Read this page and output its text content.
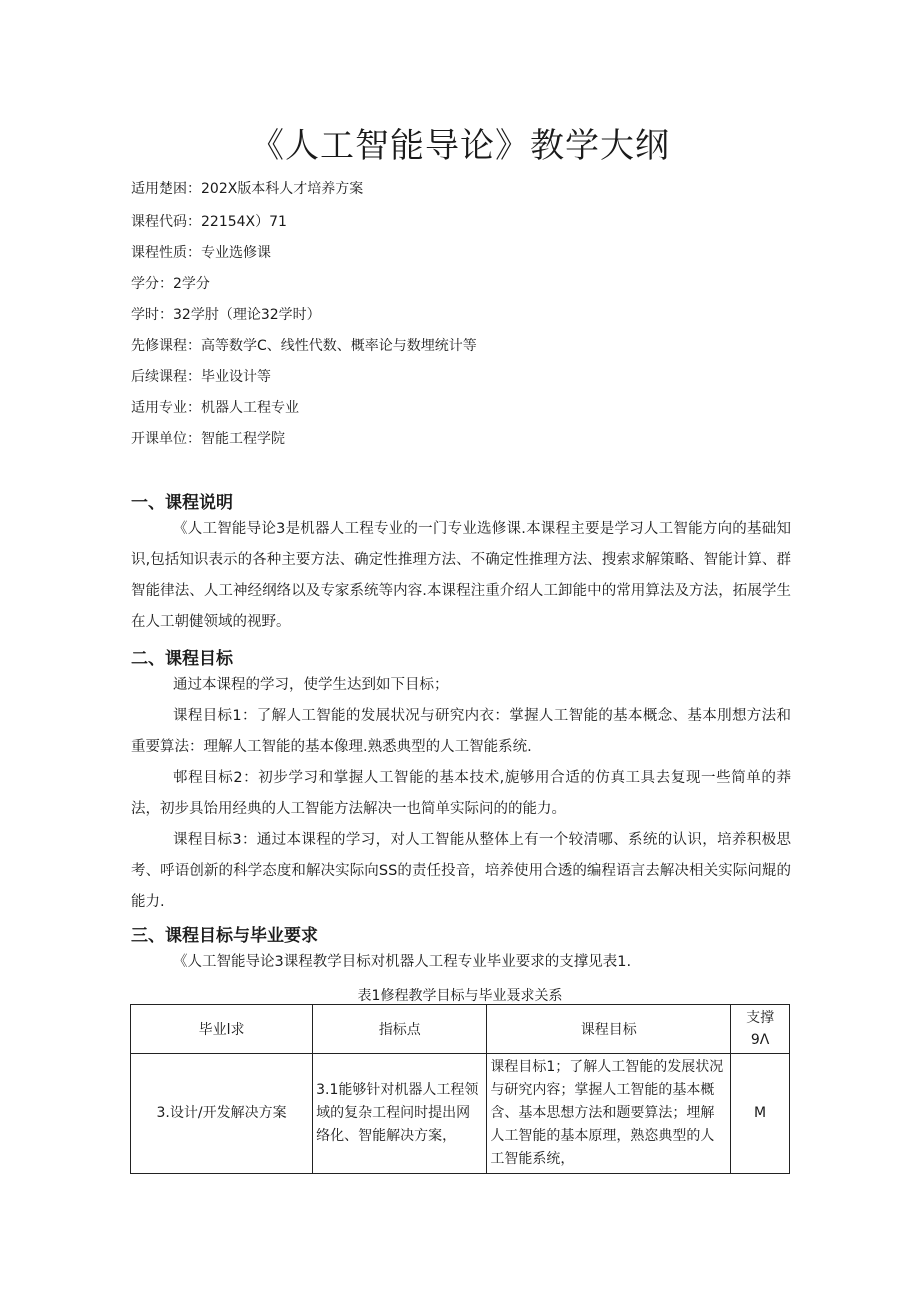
《人工智能导论》教学大纲

适用楚困：202X版本科人才培养方案

课程代码：22154X）71

课程性质：专业选修课

学分：2学分

学时：32学肘（理论32学时）

先修课程：高等数学C、线性代数、概率论与数埋统计等

后续课程：毕业设计等

适用专业：机器人工程专业

开课单位：智能工程学院

一、课程说明

《人工智能导论3是机器人工程专业的一门专业选修课.本课程主要是学习人工智能方向的基础知识,包括知识表示的各种主要方法、确定性推理方法、不确定性推理方法、搜索求解策略、智能计算、群智能律法、人工神经纲络以及专家系统等内容.本课程注重介绍人工卸能中的常用算法及方法，拓展学生在人工朝健领域的视野。

二、课程目标

通过本课程的学习，使学生达到如下目标；

课程目标1：了解人工智能的发展状况与研究内衣：掌握人工智能的基本概念、基本刖想方法和重要算法：理解人工智能的基本像理.熟悉典型的人工智能系统.

邨程目标2：初步学习和掌握人工智能的基本技术,旎够用合适的仿真工具去复现一些简单的莽法，初步具饴用经典的人工智能方法解决一也简单实际问的的能力。

课程目标3：通过本课程的学习，对人工智能从整体上有一个较清哪、系统的认识，培养积极思考、呼语创新的科学态度和解决实际向SS的责任投音，培养使用合透的编程语言去解决相关实际问尡的能力.

三、课程目标与毕业要求

《人工智能导论3课程教学目标对机器人工程专业毕业要求的支撑见表1.

表1修程教学目标与毕业聂求关系

毕业l求	指标点	课程目标	支撑
9Λ

3.设计/开发解决方案	3.1能够针对机器人工程领域的复杂工程问时提出网络化、智能解决方案，	课程目标1；了解人工智能的发展状况与研究内容；掌握人工智能的基本概含、基本思想方法和题要算法；埋解人工智能的基本原理，熟恣典型的人工智能系统，	M
